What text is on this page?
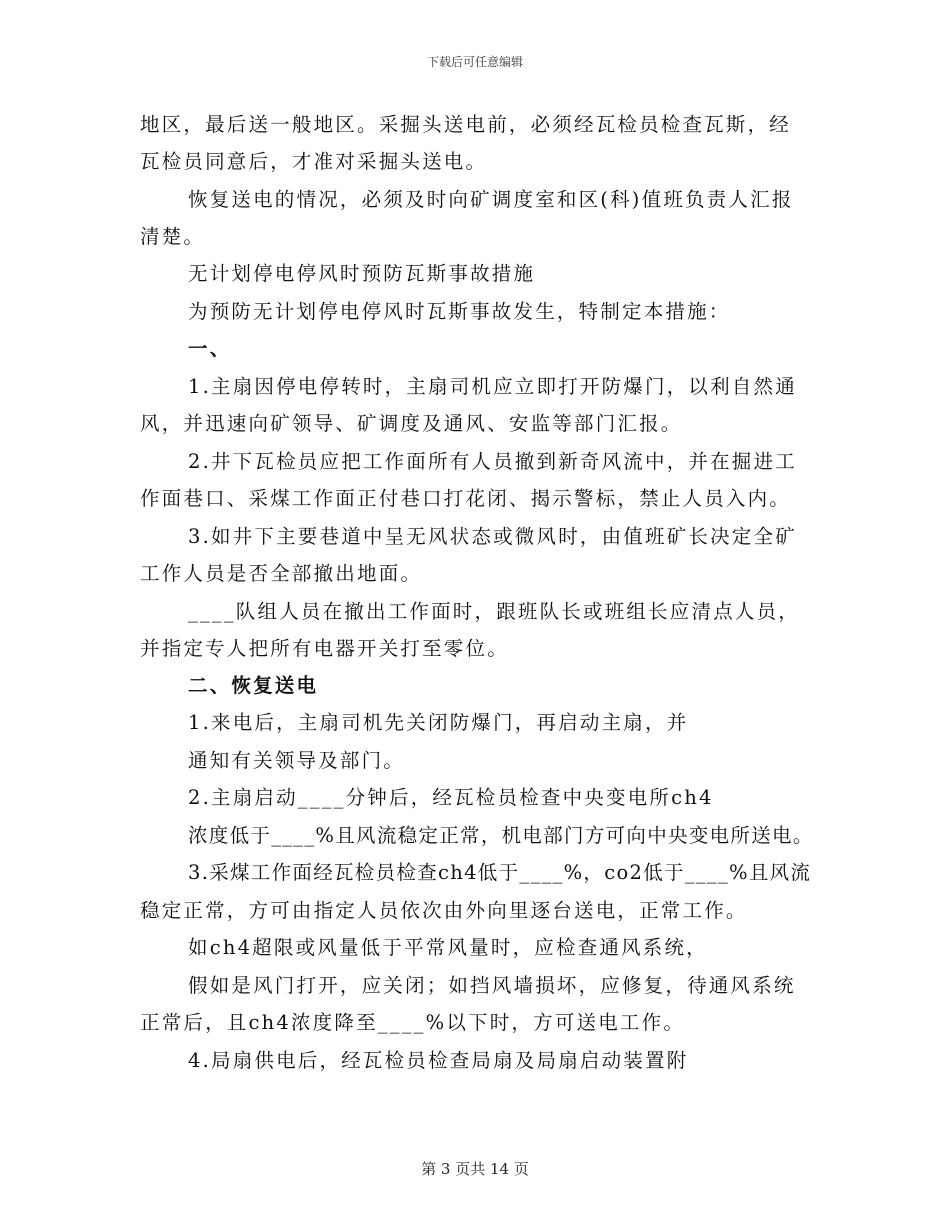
下载后可任意编辑
地区，最后送一般地区。采掘头送电前，必须经瓦检员检查瓦斯，经
瓦检员同意后，才准对采掘头送电。
恢复送电的情况，必须及时向矿调度室和区(科)值班负责人汇报
清楚。
无计划停电停风时预防瓦斯事故措施
为预防无计划停电停风时瓦斯事故发生，特制定本措施：
一、
1.主扇因停电停转时，主扇司机应立即打开防爆门，以利自然通
风，并迅速向矿领导、矿调度及通风、安监等部门汇报。
2.井下瓦检员应把工作面所有人员撤到新奇风流中，并在掘进工
作面巷口、采煤工作面正付巷口打花闭、揭示警标，禁止人员入内。
3.如井下主要巷道中呈无风状态或微风时，由值班矿长决定全矿
工作人员是否全部撤出地面。
____队组人员在撤出工作面时，跟班队长或班组长应清点人员，
并指定专人把所有电器开关打至零位。
二、恢复送电
1.来电后，主扇司机先关闭防爆门，再启动主扇，并
通知有关领导及部门。
2.主扇启动____分钟后，经瓦检员检查中央变电所ch4
浓度低于____%且风流稳定正常，机电部门方可向中央变电所送电。
3.采煤工作面经瓦检员检查ch4低于____%，co2低于____%且风流
稳定正常，方可由指定人员依次由外向里逐台送电，正常工作。
如ch4超限或风量低于平常风量时，应检查通风系统，
假如是风门打开，应关闭；如挡风墙损坏，应修复，待通风系统
正常后，且ch4浓度降至____%以下时，方可送电工作。
4.局扇供电后，经瓦检员检查局扇及局扇启动装置附
第 3 页共 14 页
